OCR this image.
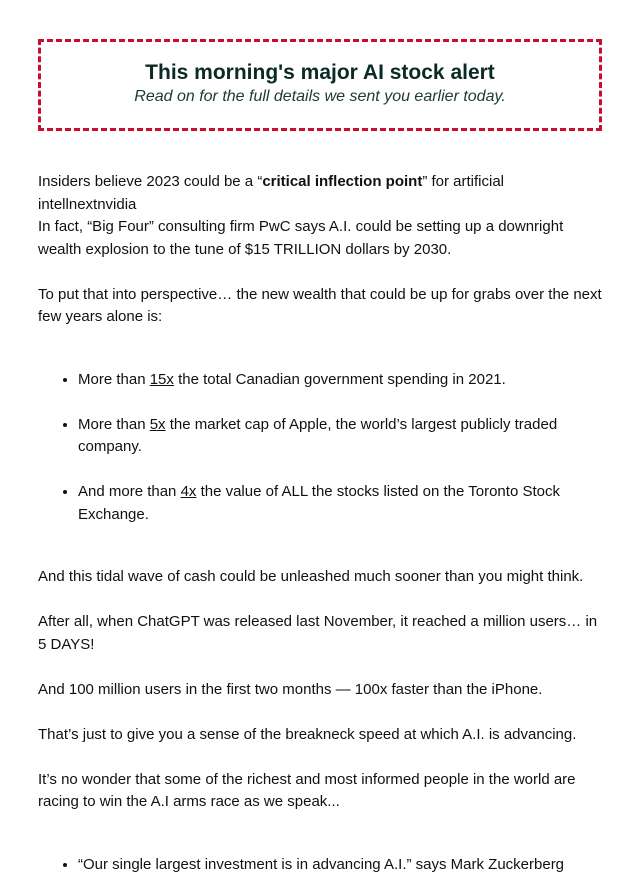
This morning's major AI stock alert

Read on for the full details we sent you earlier today.

Insiders believe 2023 could be a “critical inflection point” for artificial intellnextnvidia

In fact, “Big Four” consulting firm PwC says A.I. could be setting up a downright wealth explosion to the tune of $15 TRILLION dollars by 2030.

To put that into perspective… the new wealth that could be up for grabs over the next few years alone is:

• More than 15x the total Canadian government spending in 2021.
• More than 5x the market cap of Apple, the world’s largest publicly traded company.
• And more than 4x the value of ALL the stocks listed on the Toronto Stock Exchange.

And this tidal wave of cash could be unleashed much sooner than you might think.

After all, when ChatGPT was released last November, it reached a million users… in 5 DAYS!

And 100 million users in the first two months — 100x faster than the iPhone.

That’s just to give you a sense of the breakneck speed at which A.I. is advancing.

It’s no wonder that some of the richest and most informed people in the world are racing to win the A.I arms race as we speak...

• “Our single largest investment is in advancing A.I.” says Mark Zuckerberg
